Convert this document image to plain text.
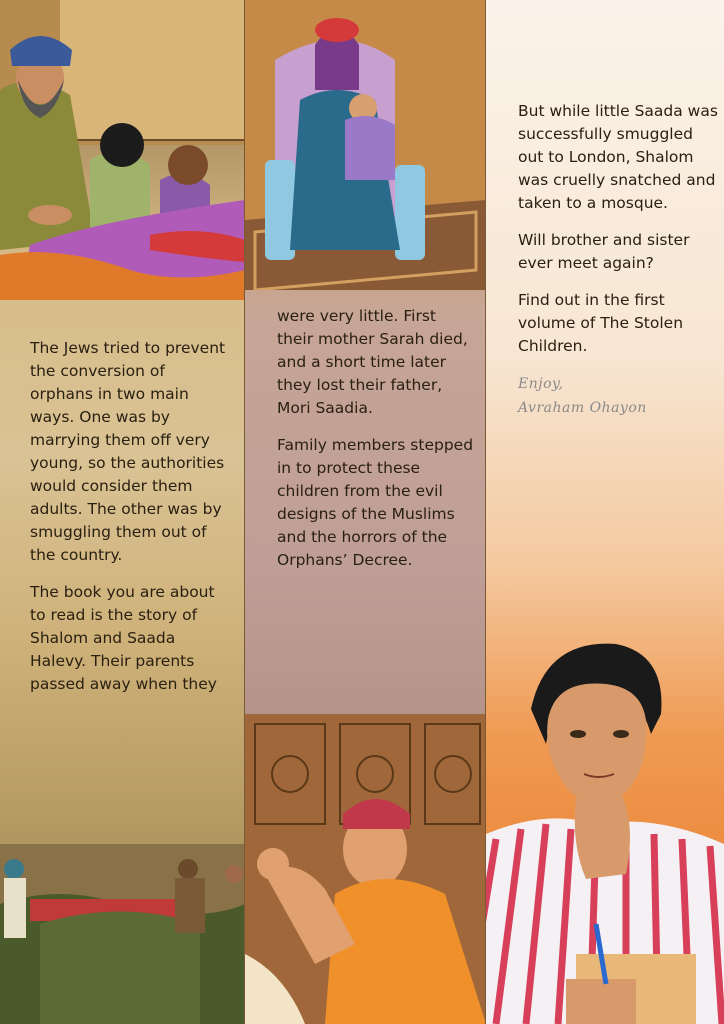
The Jews tried to prevent the conversion of orphans in two main ways. One was by marrying them off very young, so the authorities would consider them adults. The other was by smuggling them out of the country.

The book you are about to read is the story of Shalom and Saada Halevy. Their parents passed away when they

were very little. First their mother Sarah died, and a short time later they lost their father, Mori Saadia.

Family members stepped in to protect these children from the evil designs of the Muslims and the horrors of the Orphans’ Decree.

But while little Saada was successfully smuggled out to London, Shalom was cruelly snatched and taken to a mosque.

Will brother and sister ever meet again?

Find out in the first volume of The Stolen Children.

Enjoy,
Avraham Ohayon
